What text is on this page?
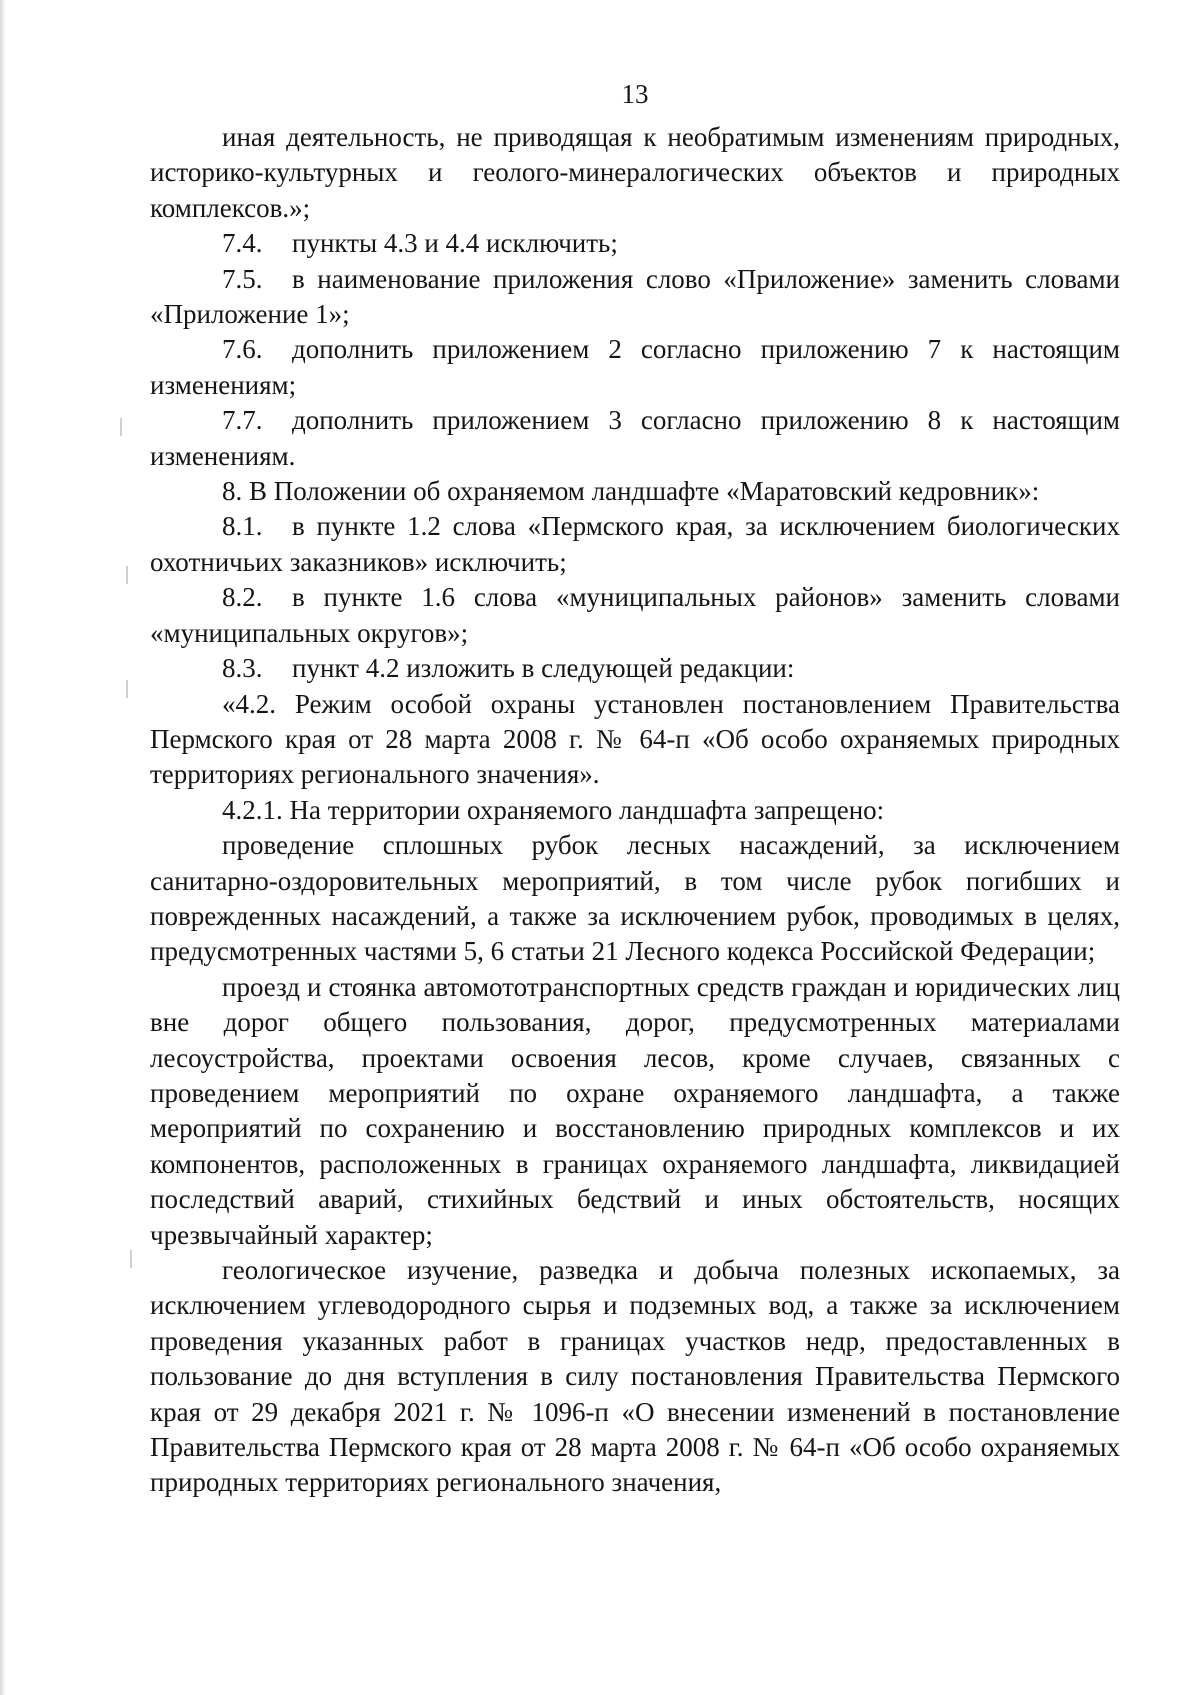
13

иная деятельность, не приводящая к необратимым изменениям природных, историко-культурных и геолого-минералогических объектов и природных комплексов.»;

7.4. пункты 4.3 и 4.4 исключить;

7.5. в наименование приложения слово «Приложение» заменить словами «Приложение 1»;

7.6. дополнить приложением 2 согласно приложению 7 к настоящим изменениям;

7.7. дополнить приложением 3 согласно приложению 8 к настоящим изменениям.

8. В Положении об охраняемом ландшафте «Маратовский кедровник»:

8.1. в пункте 1.2 слова «Пермского края, за исключением биологических охотничьих заказников» исключить;

8.2. в пункте 1.6 слова «муниципальных районов» заменить словами «муниципальных округов»;

8.3. пункт 4.2 изложить в следующей редакции:

«4.2. Режим особой охраны установлен постановлением Правительства Пермского края от 28 марта 2008 г. № 64-п «Об особо охраняемых природных территориях регионального значения».

4.2.1. На территории охраняемого ландшафта запрещено:

проведение сплошных рубок лесных насаждений, за исключением санитарно-оздоровительных мероприятий, в том числе рубок погибших и поврежденных насаждений, а также за исключением рубок, проводимых в целях, предусмотренных частями 5, 6 статьи 21 Лесного кодекса Российской Федерации;

проезд и стоянка автомототранспортных средств граждан и юридических лиц вне дорог общего пользования, дорог, предусмотренных материалами лесоустройства, проектами освоения лесов, кроме случаев, связанных с проведением мероприятий по охране охраняемого ландшафта, а также мероприятий по сохранению и восстановлению природных комплексов и их компонентов, расположенных в границах охраняемого ландшафта, ликвидацией последствий аварий, стихийных бедствий и иных обстоятельств, носящих чрезвычайный характер;

геологическое изучение, разведка и добыча полезных ископаемых, за исключением углеводородного сырья и подземных вод, а также за исключением проведения указанных работ в границах участков недр, предоставленных в пользование до дня вступления в силу постановления Правительства Пермского края от 29 декабря 2021 г. № 1096-п «О внесении изменений в постановление Правительства Пермского края от 28 марта 2008 г. № 64-п «Об особо охраняемых природных территориях регионального значения,
